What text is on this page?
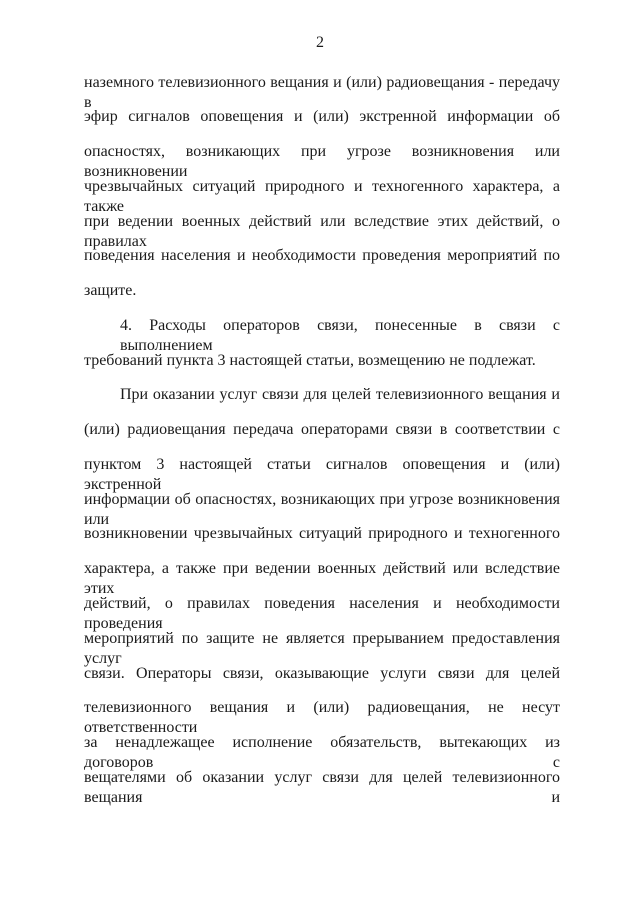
2
наземного телевизионного вещания и (или) радиовещания - передачу в
эфир сигналов оповещения и (или) экстренной информации об
опасностях, возникающих при угрозе возникновения или возникновении
чрезвычайных ситуаций природного и техногенного характера, а также
при ведении военных действий или вследствие этих действий, о правилах
поведения населения и необходимости проведения мероприятий по
защите.
4. Расходы операторов связи, понесенные в связи с выполнением
требований пункта 3 настоящей статьи, возмещению не подлежат.
При оказании услуг связи для целей телевизионного вещания и
(или) радиовещания передача операторами связи в соответствии с
пунктом 3 настоящей статьи сигналов оповещения и (или) экстренной
информации об опасностях, возникающих при угрозе возникновения или
возникновении чрезвычайных ситуаций природного и техногенного
характера, а также при ведении военных действий или вследствие этих
действий, о правилах поведения населения и необходимости проведения
мероприятий по защите не является прерыванием предоставления услуг
связи. Операторы связи, оказывающие услуги связи для целей
телевизионного вещания и (или) радиовещания, не несут ответственности
за ненадлежащее исполнение обязательств, вытекающих из договоров с
вещателями об оказании услуг связи для целей телевизионного вещания и
